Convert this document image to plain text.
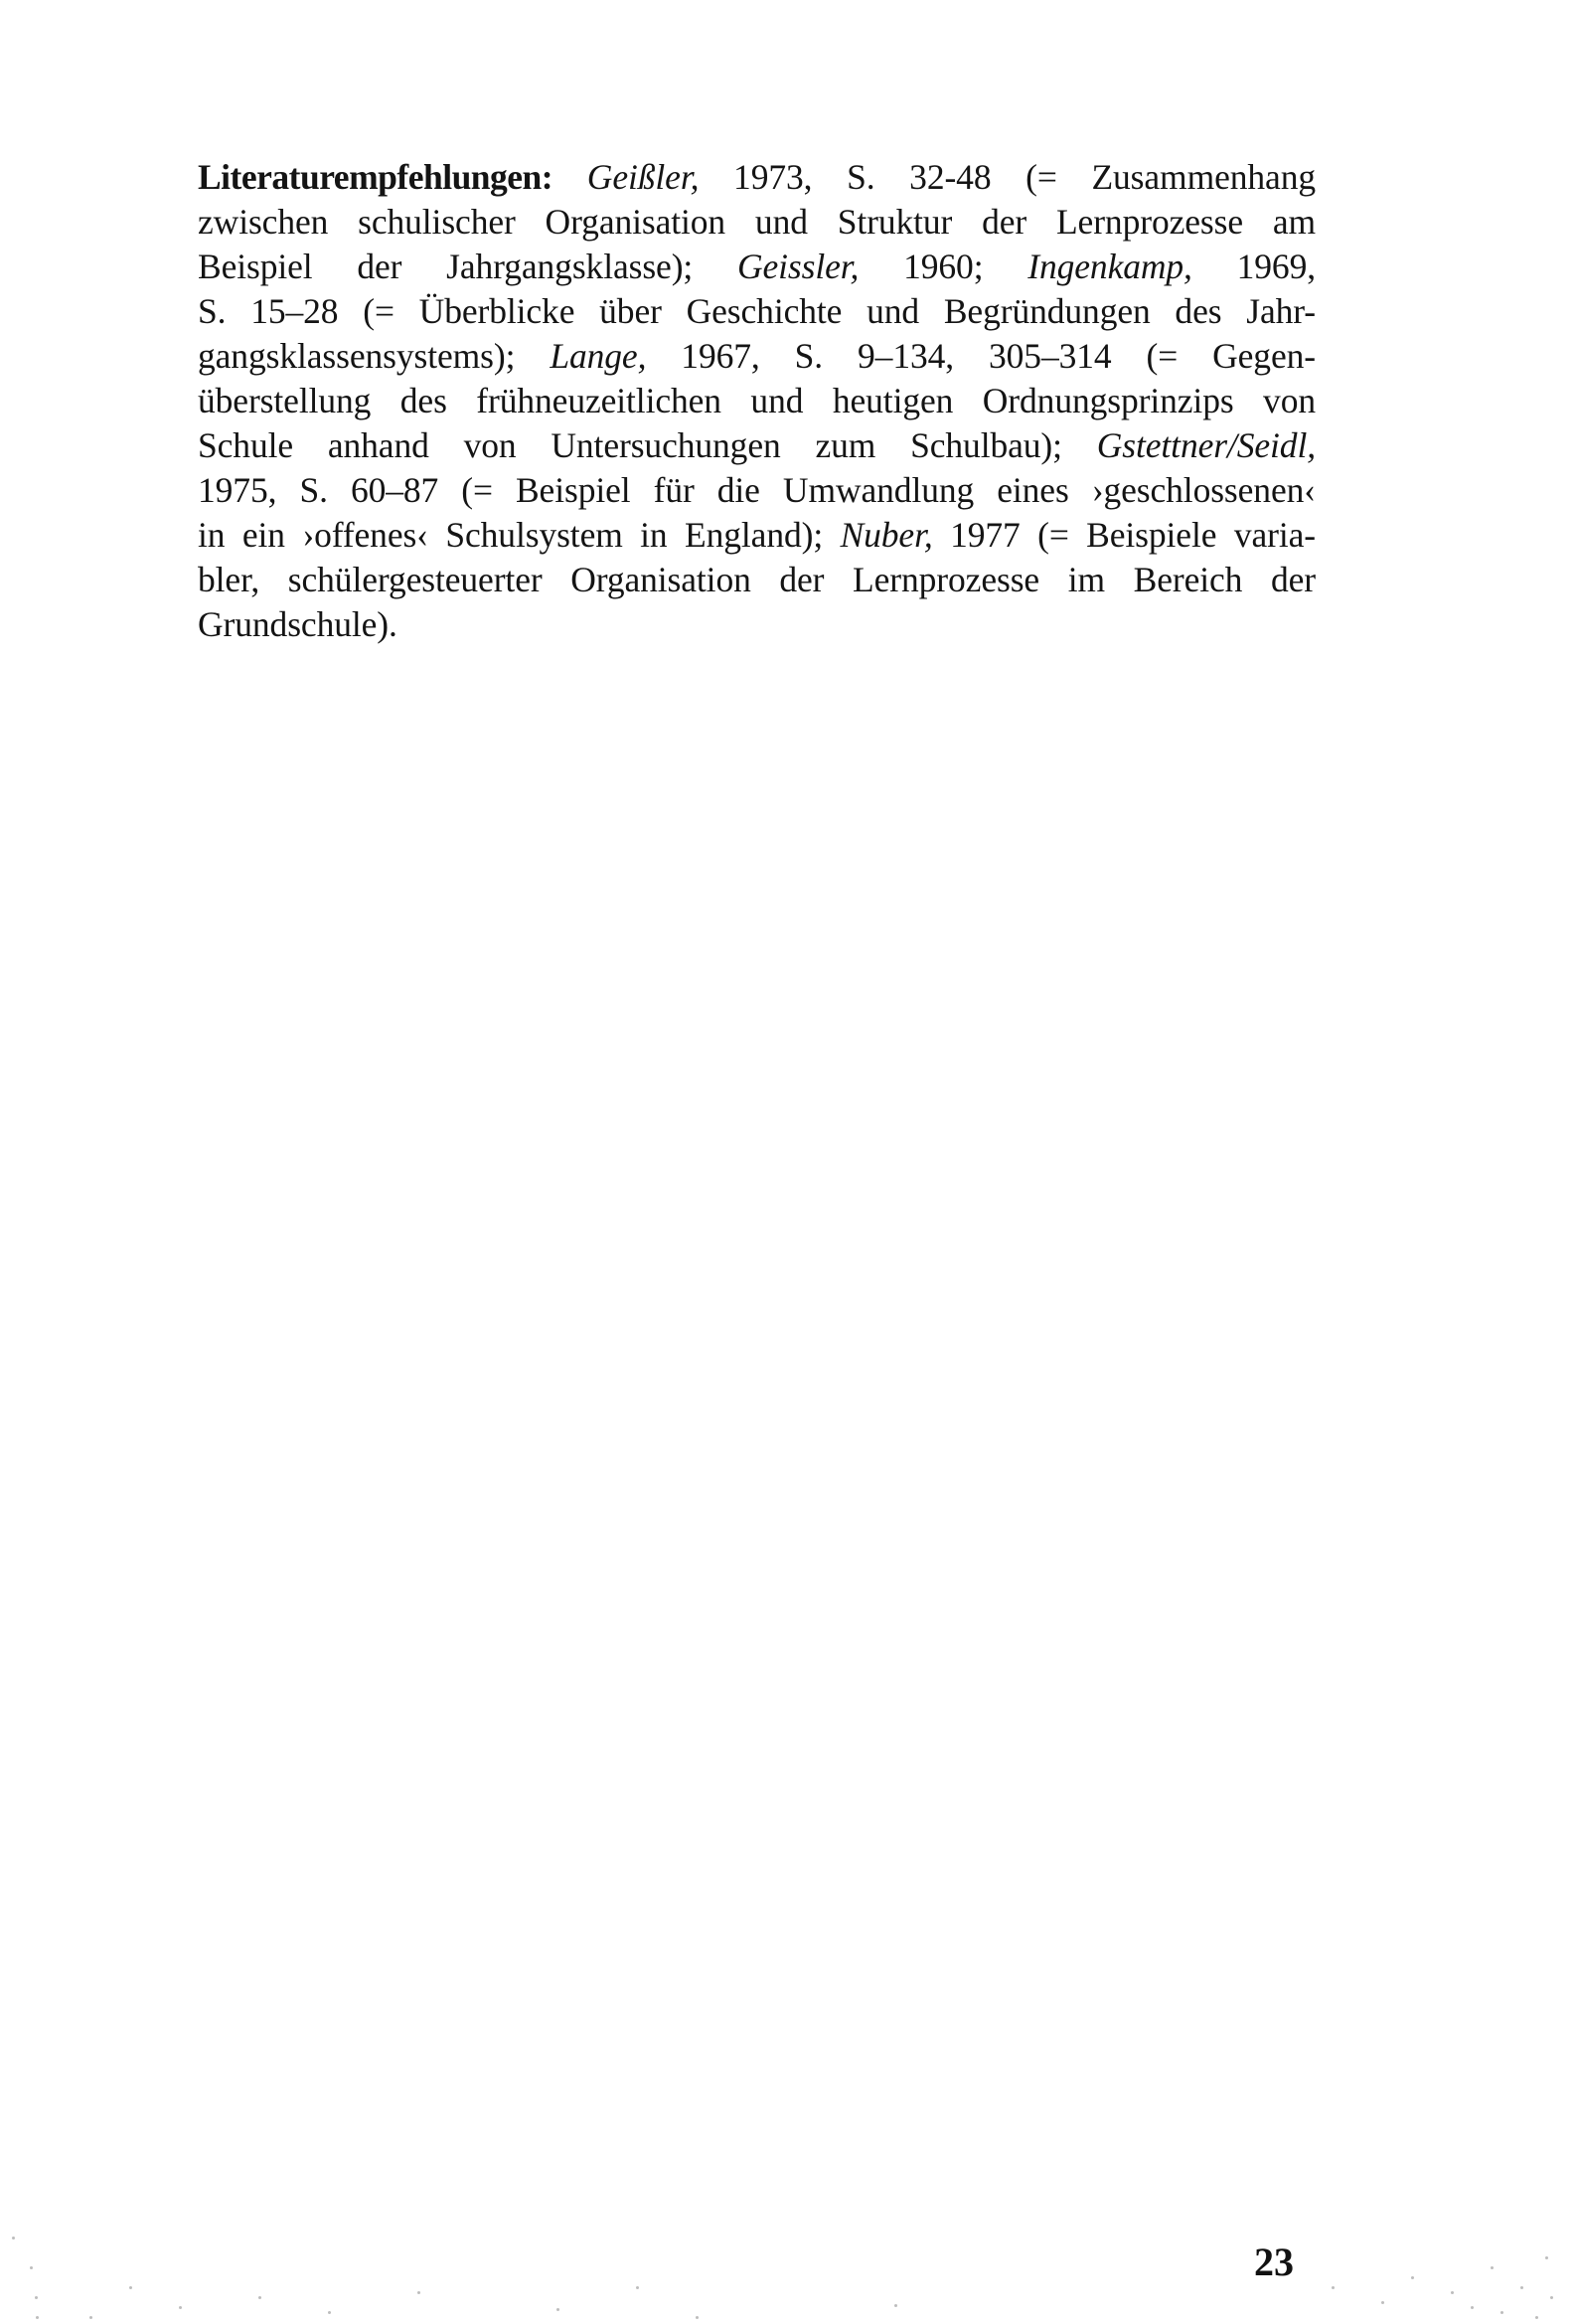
Literaturempfehlungen: Geißler, 1973, S. 32-48 (= Zusammenhang
zwischen schulischer Organisation und Struktur der Lernprozesse am
Beispiel der Jahrgangsklasse); Geissler, 1960; Ingenkamp, 1969,
S. 15–28 (= Überblicke über Geschichte und Begründungen des Jahr-
gangsklassensystems); Lange, 1967, S. 9–134, 305–314 (= Gegen-
überstellung des frühneuzeitlichen und heutigen Ordnungsprinzips von
Schule anhand von Untersuchungen zum Schulbau); Gstettner/Seidl,
1975, S. 60–87 (= Beispiel für die Umwandlung eines ›geschlossenen‹
in ein ›offenes‹ Schulsystem in England); Nuber, 1977 (= Beispiele varia-
bler, schülergesteuerter Organisation der Lernprozesse im Bereich der
Grundschule).
23
